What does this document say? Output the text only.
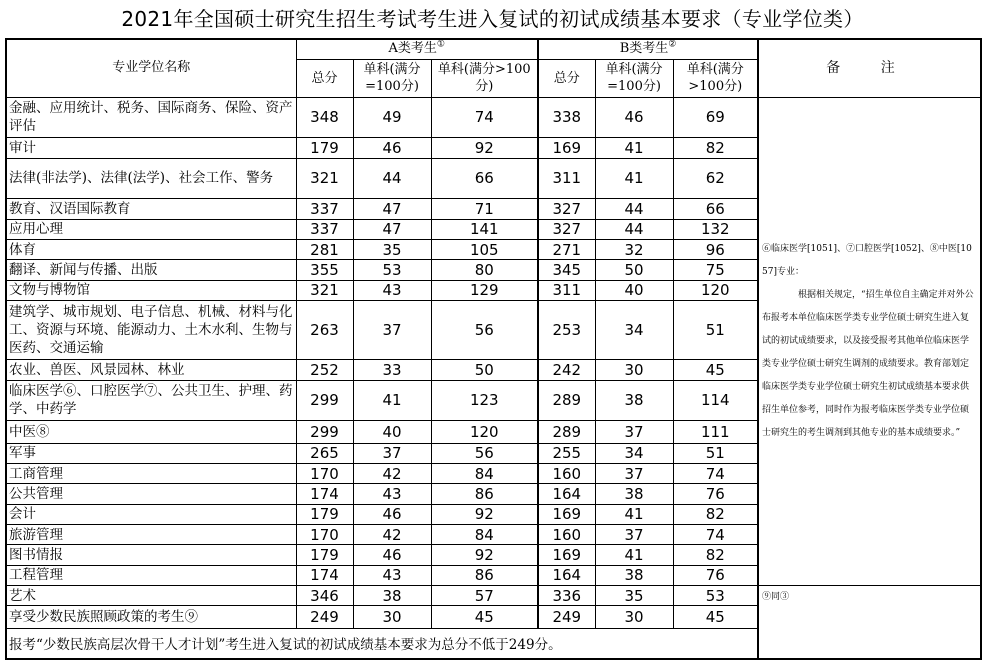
2021年全国硕士研究生招生考试考生进入复试的初试成绩基本要求（专业学位类）
专业学位名称	A类考生①			B类考生②			备 注
	总分	单科(满分=100分)	单科(满分>100分)	总分	单科(满分=100分)	单科(满分>100分)	
金融、应用统计、税务、国际商务、保险、资产评估	348	49	74	338	46	69	⑥临床医学[1051]、⑦口腔医学[1052]、⑧中医[1057]专业：

根据相关规定，“招生单位自主确定并对外公布报考本单位临床医学类专业学位硕士研究生进入复试的初试成绩要求，以及接受报考其他单位临床医学类专业学位硕士研究生调剂的成绩要求。教育部划定临床医学类专业学位硕士研究生初试成绩基本要求供招生单位参考，同时作为报考临床医学类专业学位硕士研究生的考生调剂到其他专业的基本成绩要求。”

审计	179	46	92	169	41	82	
法律(非法学)、法律(法学)、社会工作、警务	321	44	66	311	41	62	
教育、汉语国际教育	337	47	71	327	44	66	
应用心理	337	47	141	327	44	132	
体育	281	35	105	271	32	96	
翻译、新闻与传播、出版	355	53	80	345	50	75	
文物与博物馆	321	43	129	311	40	120	
建筑学、城市规划、电子信息、机械、材料与化工、资源与环境、能源动力、土木水利、生物与医药、交通运输	263	37	56	253	34	51	
农业、兽医、风景园林、林业	252	33	50	242	30	45	
临床医学⑥、口腔医学⑦、公共卫生、护理、药学、中药学	299	41	123	289	38	114	
中医⑧	299	40	120	289	37	111	
军事	265	37	56	255	34	51	
工商管理	170	42	84	160	37	74	
公共管理	174	43	86	164	38	76	
会计	179	46	92	169	41	82	
旅游管理	170	42	84	160	37	74	
图书情报	179	46	92	169	41	82	
工程管理	174	43	86	164	38	76	
艺术	346	38	57	336	35	53	⑨同③
享受少数民族照顾政策的考生⑨	249	30	45	249	30	45	
报考“少数民族高层次骨干人才计划”考生进入复试的初试成绩基本要求为总分不低于249分。							
